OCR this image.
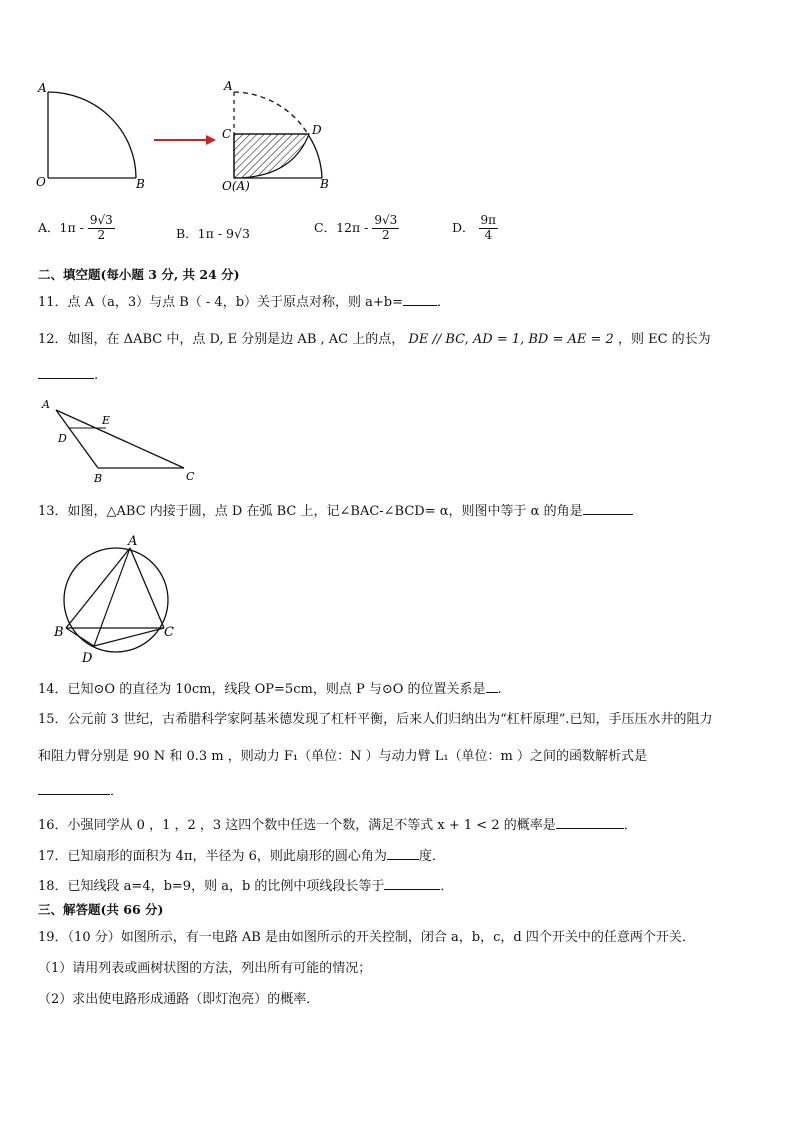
A
O	B
A
C	D
O(A)	B
A．$1\pi - \frac{9√3}{2}$	B．1π - 9√3	C．$12\pi - \frac{9√3}{2}$	D． $\frac{9\pi}{4}$
二、填空题(每小题 3 分, 共 24 分)
11．点 A（a，3）与点 B（ - 4，b）关于原点对称，则 a+b=	．
12．如图，在 ΔABC 中，点 D, E 分别是边 AB , AC 上的点， DE // BC, AD = 1, BD = AE = 2 ，则 EC 的长为
.
A
E
D
B	C
13．如图，△ABC 内接于圆，点 D 在弧 BC 上，记∠BAC-∠BCD= α，则图中等于 α 的角是
A
B	C
D
14．已知⊙O 的直径为 10cm，线段 OP=5cm，则点 P 与⊙O 的位置关系是 .
15．公元前 3 世纪，古希腊科学家阿基米德发现了杠杆平衡，后来人们归纳出为“杠杆原理”.已知，手压压水井的阻力
和阻力臂分别是 90 N 和 0.3 m ，则动力 F₁（单位：N ）与动力臂 L₁（单位：m ）之间的函数解析式是
．
16．小强同学从 0 ，1 ，2 ，3 这四个数中任选一个数，满足不等式 x + 1 < 2 的概率是	．
17．已知扇形的面积为 4π，半径为 6，则此扇形的圆心角为 度．
18．已知线段 a=4，b=9，则 a，b 的比例中项线段长等于	．
三、解答题(共 66 分)
19．（10 分）如图所示，有一电路 AB 是由如图所示的开关控制，闭合 a，b，c，d 四个开关中的任意两个开关．
（1）请用列表或画树状图的方法，列出所有可能的情况；
（2）求出使电路形成通路（即灯泡亮）的概率．
